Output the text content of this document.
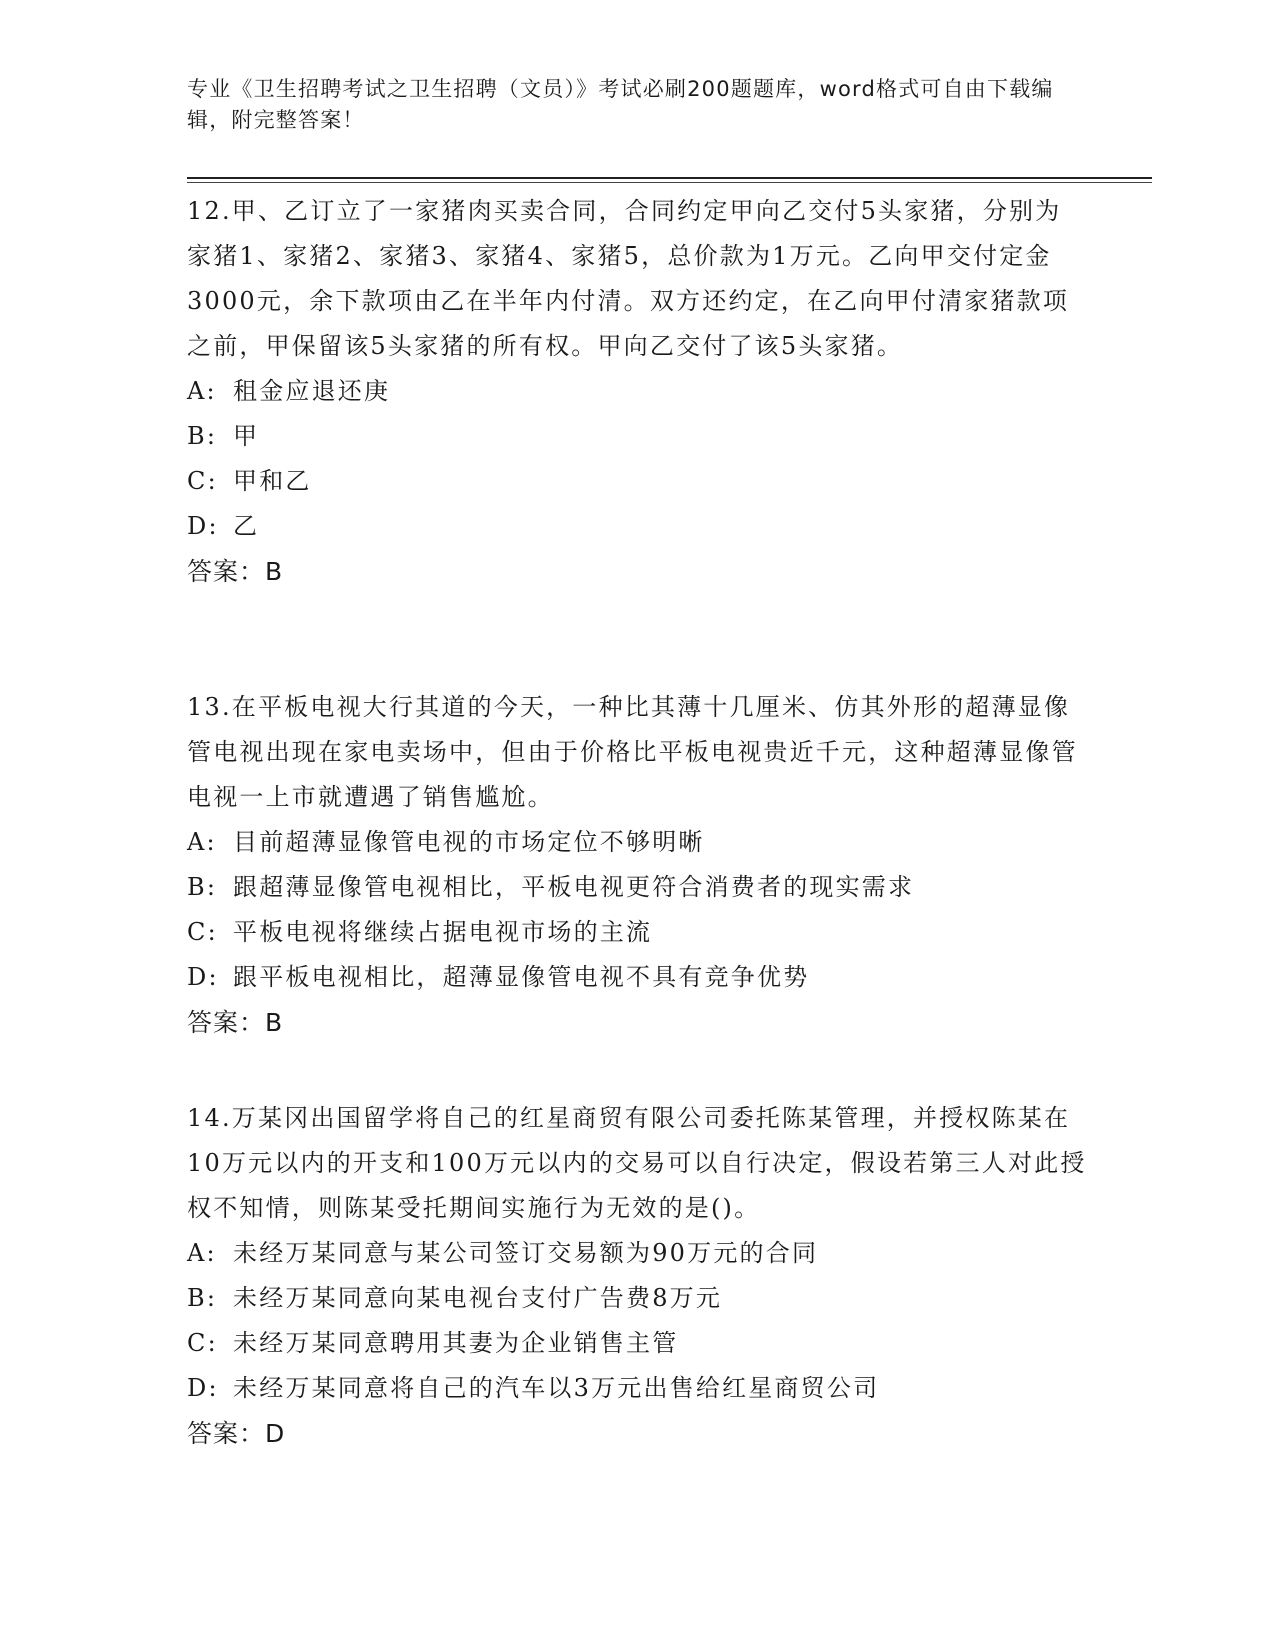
专业《卫生招聘考试之卫生招聘（文员）》考试必刷200题题库，word格式可自由下载编辑，附完整答案！

12.甲、乙订立了一家猪肉买卖合同，合同约定甲向乙交付5头家猪，分别为家猪1、家猪2、家猪3、家猪4、家猪5，总价款为1万元。乙向甲交付定金3000元，余下款项由乙在半年内付清。双方还约定，在乙向甲付清家猪款项之前，甲保留该5头家猪的所有权。甲向乙交付了该5头家猪。

A: 租金应退还庚
B: 甲
C: 甲和乙
D: 乙
答案：B

13.在平板电视大行其道的今天，一种比其薄十几厘米、仿其外形的超薄显像管电视出现在家电卖场中，但由于价格比平板电视贵近千元，这种超薄显像管电视一上市就遭遇了销售尴尬。

A: 目前超薄显像管电视的市场定位不够明晰
B: 跟超薄显像管电视相比，平板电视更符合消费者的现实需求
C: 平板电视将继续占据电视市场的主流
D: 跟平板电视相比，超薄显像管电视不具有竞争优势
答案：B

14.万某冈出国留学将自己的红星商贸有限公司委托陈某管理，并授权陈某在10万元以内的开支和100万元以内的交易可以自行决定，假设若第三人对此授权不知情，则陈某受托期间实施行为无效的是()。

A: 未经万某同意与某公司签订交易额为90万元的合同
B: 未经万某同意向某电视台支付广告费8万元
C: 未经万某同意聘用其妻为企业销售主管
D: 未经万某同意将自己的汽车以3万元出售给红星商贸公司
答案：D
